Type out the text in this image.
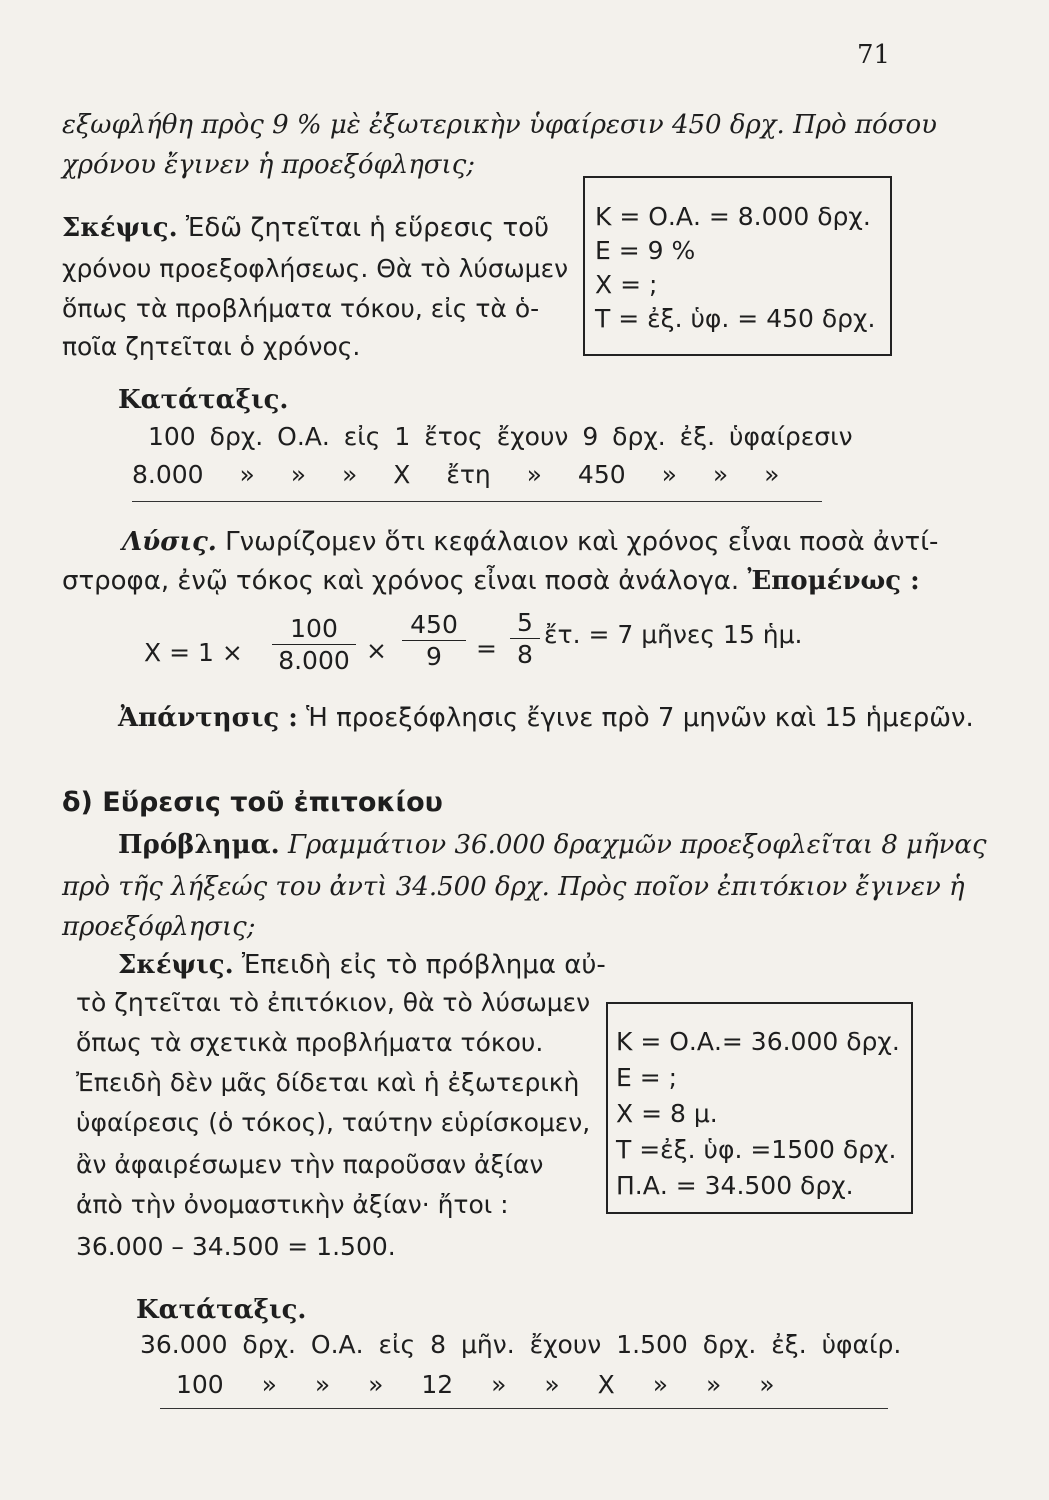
71
εξωφλήθη πρὸς 9 % μὲ ἐξωτερικὴν ὑφαίρεσιν 450 δρχ. Πρὸ πόσου
χρόνου ἔγινεν ἡ προεξόφλησις;
Σκέψις. Ἐδῶ ζητεῖται ἡ εὕρεσις τοῦ
χρόνου προεξοφλήσεως. Θὰ τὸ λύσωμεν
ὅπως τὰ προβλήματα τόκου, εἰς τὰ ὁ-
ποῖα ζητεῖται ὁ χρόνος.
Κ = Ο.Α. = 8.000 δρχ.
Ε = 9 %
Χ = ;
Τ = ἐξ. ὑφ. = 450 δρχ.
Κατάταξις.
100 δρχ. Ο.Α. εἰς 1 ἔτος ἔχουν 9 δρχ. ἐξ. ὑφαίρεσιν
8.000 » » » Χ ἔτη » 450 » » »
Λύσις. Γνωρίζομεν ὅτι κεφάλαιον καὶ χρόνος εἶναι ποσὰ ἀντί-
στροφα, ἐνῷ τόκος καὶ χρόνος εἶναι ποσὰ ἀνάλογα. Ἐπομένως :
$X = 1 \times \frac{100}{8.000} \times \frac{450}{9} = \frac{5}{8}$ ἔτ. = 7 μῆνες 15 ἡμ.
Ἀπάντησις : Ἡ προεξόφλησις ἔγινε πρὸ 7 μηνῶν καὶ 15 ἡμερῶν.
δ) Εὕρεσις τοῦ ἐπιτοκίου
Πρόβλημα. Γραμμάτιον 36.000 δραχμῶν προεξοφλεῖται 8 μῆνας
πρὸ τῆς λήξεώς του ἀντὶ 34.500 δρχ. Πρὸς ποῖον ἐπιτόκιον ἔγινεν ἡ
προεξόφλησις;
Σκέψις. Ἐπειδὴ εἰς τὸ πρόβλημα αὐ-
τὸ ζητεῖται τὸ ἐπιτόκιον, θὰ τὸ λύσωμεν
ὅπως τὰ σχετικὰ προβλήματα τόκου.
Ἐπειδὴ δὲν μᾶς δίδεται καὶ ἡ ἐξωτερικὴ
ὑφαίρεσις (ὁ τόκος), ταύτην εὑρίσκομεν,
ἂν ἀφαιρέσωμεν τὴν παροῦσαν ἀξίαν
ἀπὸ τὴν ὀνομαστικὴν ἀξίαν· ἤτοι :
36.000 – 34.500 = 1.500.
Κ = Ο.Α.= 36.000 δρχ.
Ε = ;
Χ = 8 μ.
Τ =ἐξ. ὑφ. =1500 δρχ.
Π.Α. = 34.500 δρχ.
Κατάταξις.
36.000 δρχ. Ο.Α. εἰς 8 μῆν. ἔχουν 1.500 δρχ. ἐξ. ὑφαίρ.
100 » » » 12 » » Χ » » »
